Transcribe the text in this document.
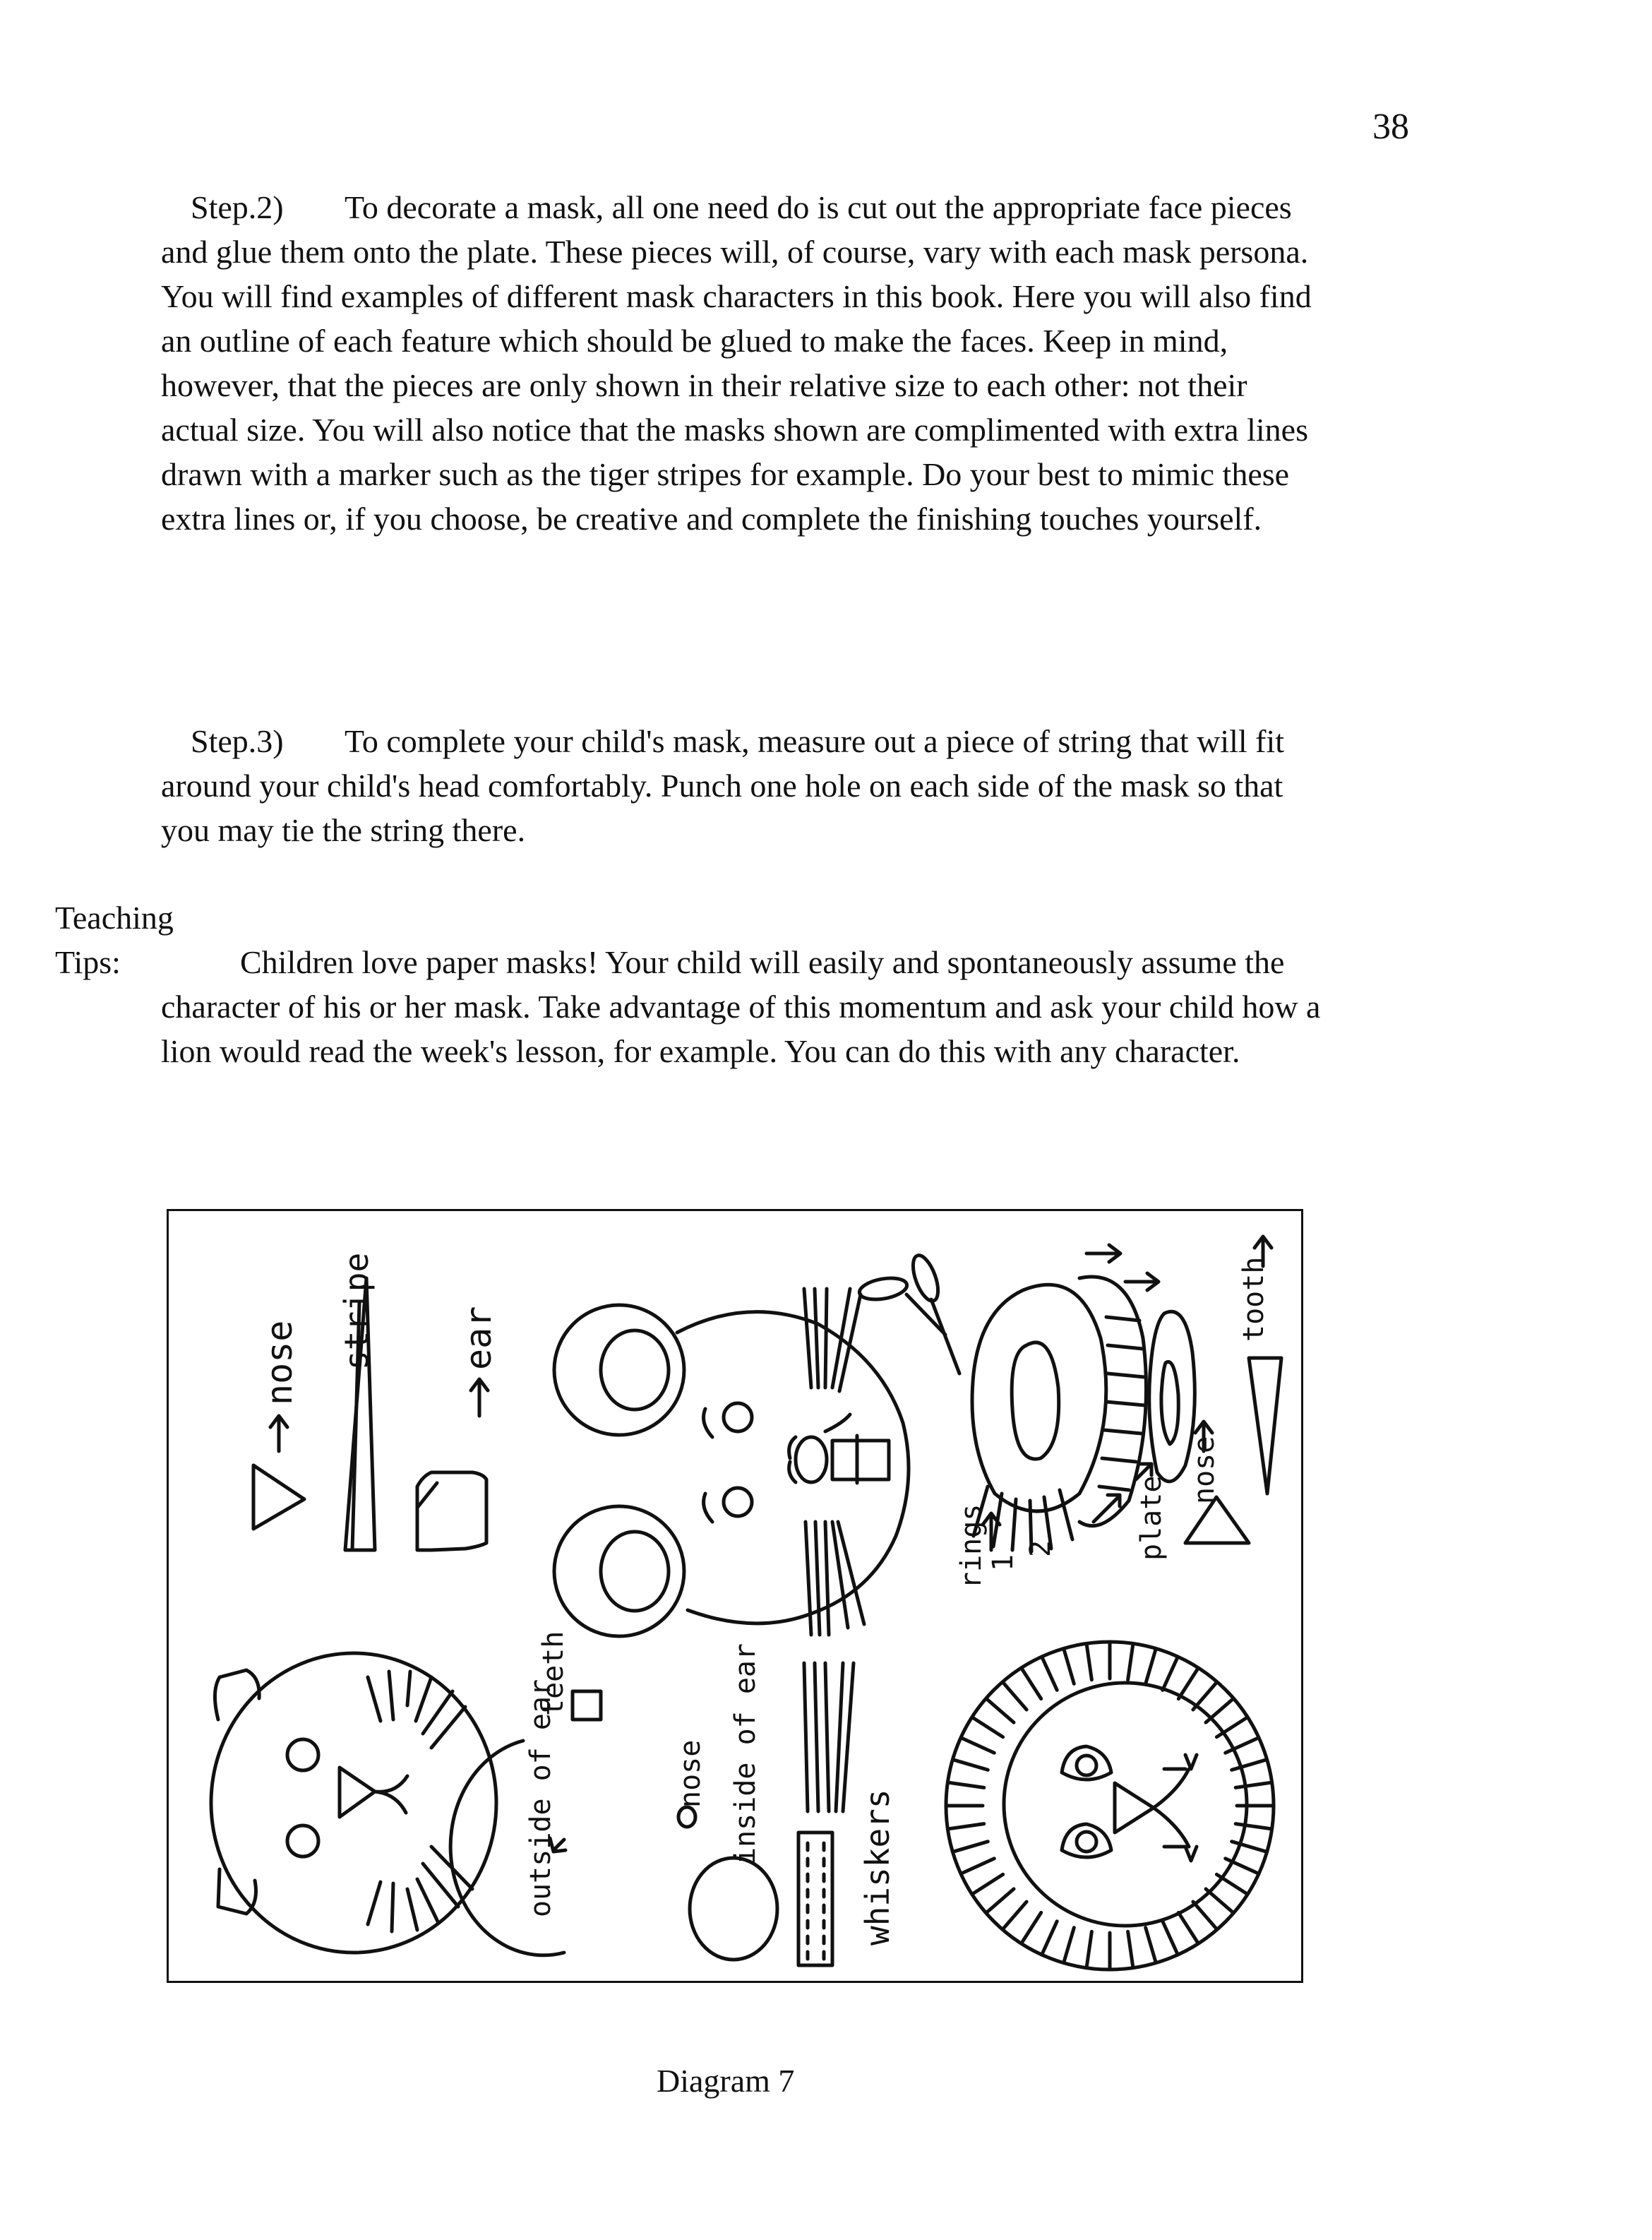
38

Step.2) To decorate a mask, all one need do is cut out the appropriate face pieces and glue them onto the plate. These pieces will, of course, vary with each mask persona. You will find examples of different mask characters in this book. Here you will also find an outline of each feature which should be glued to make the faces. Keep in mind, however, that the pieces are only shown in their relative size to each other: not their actual size. You will also notice that the masks shown are complimented with extra lines drawn with a marker such as the tiger stripes for example. Do your best to mimic these extra lines or, if you choose, be creative and complete the finishing touches yourself.

Step.3) To complete your child's mask, measure out a piece of string that will fit around your child's head comfortably. Punch one hole on each side of the mask so that you may tie the string there.

Teaching
Tips:	Children love paper masks! Your child will easily and spontaneously assume the character of his or her mask. Take advantage of this momentum and ask your child how a lion would read the week's lesson, for example. You can do this with any character.
nose stripe ear
teeth
outside of ear	nose inside of ear
whiskers
rings 1
2	plate
nose
tooth
Diagram 7
